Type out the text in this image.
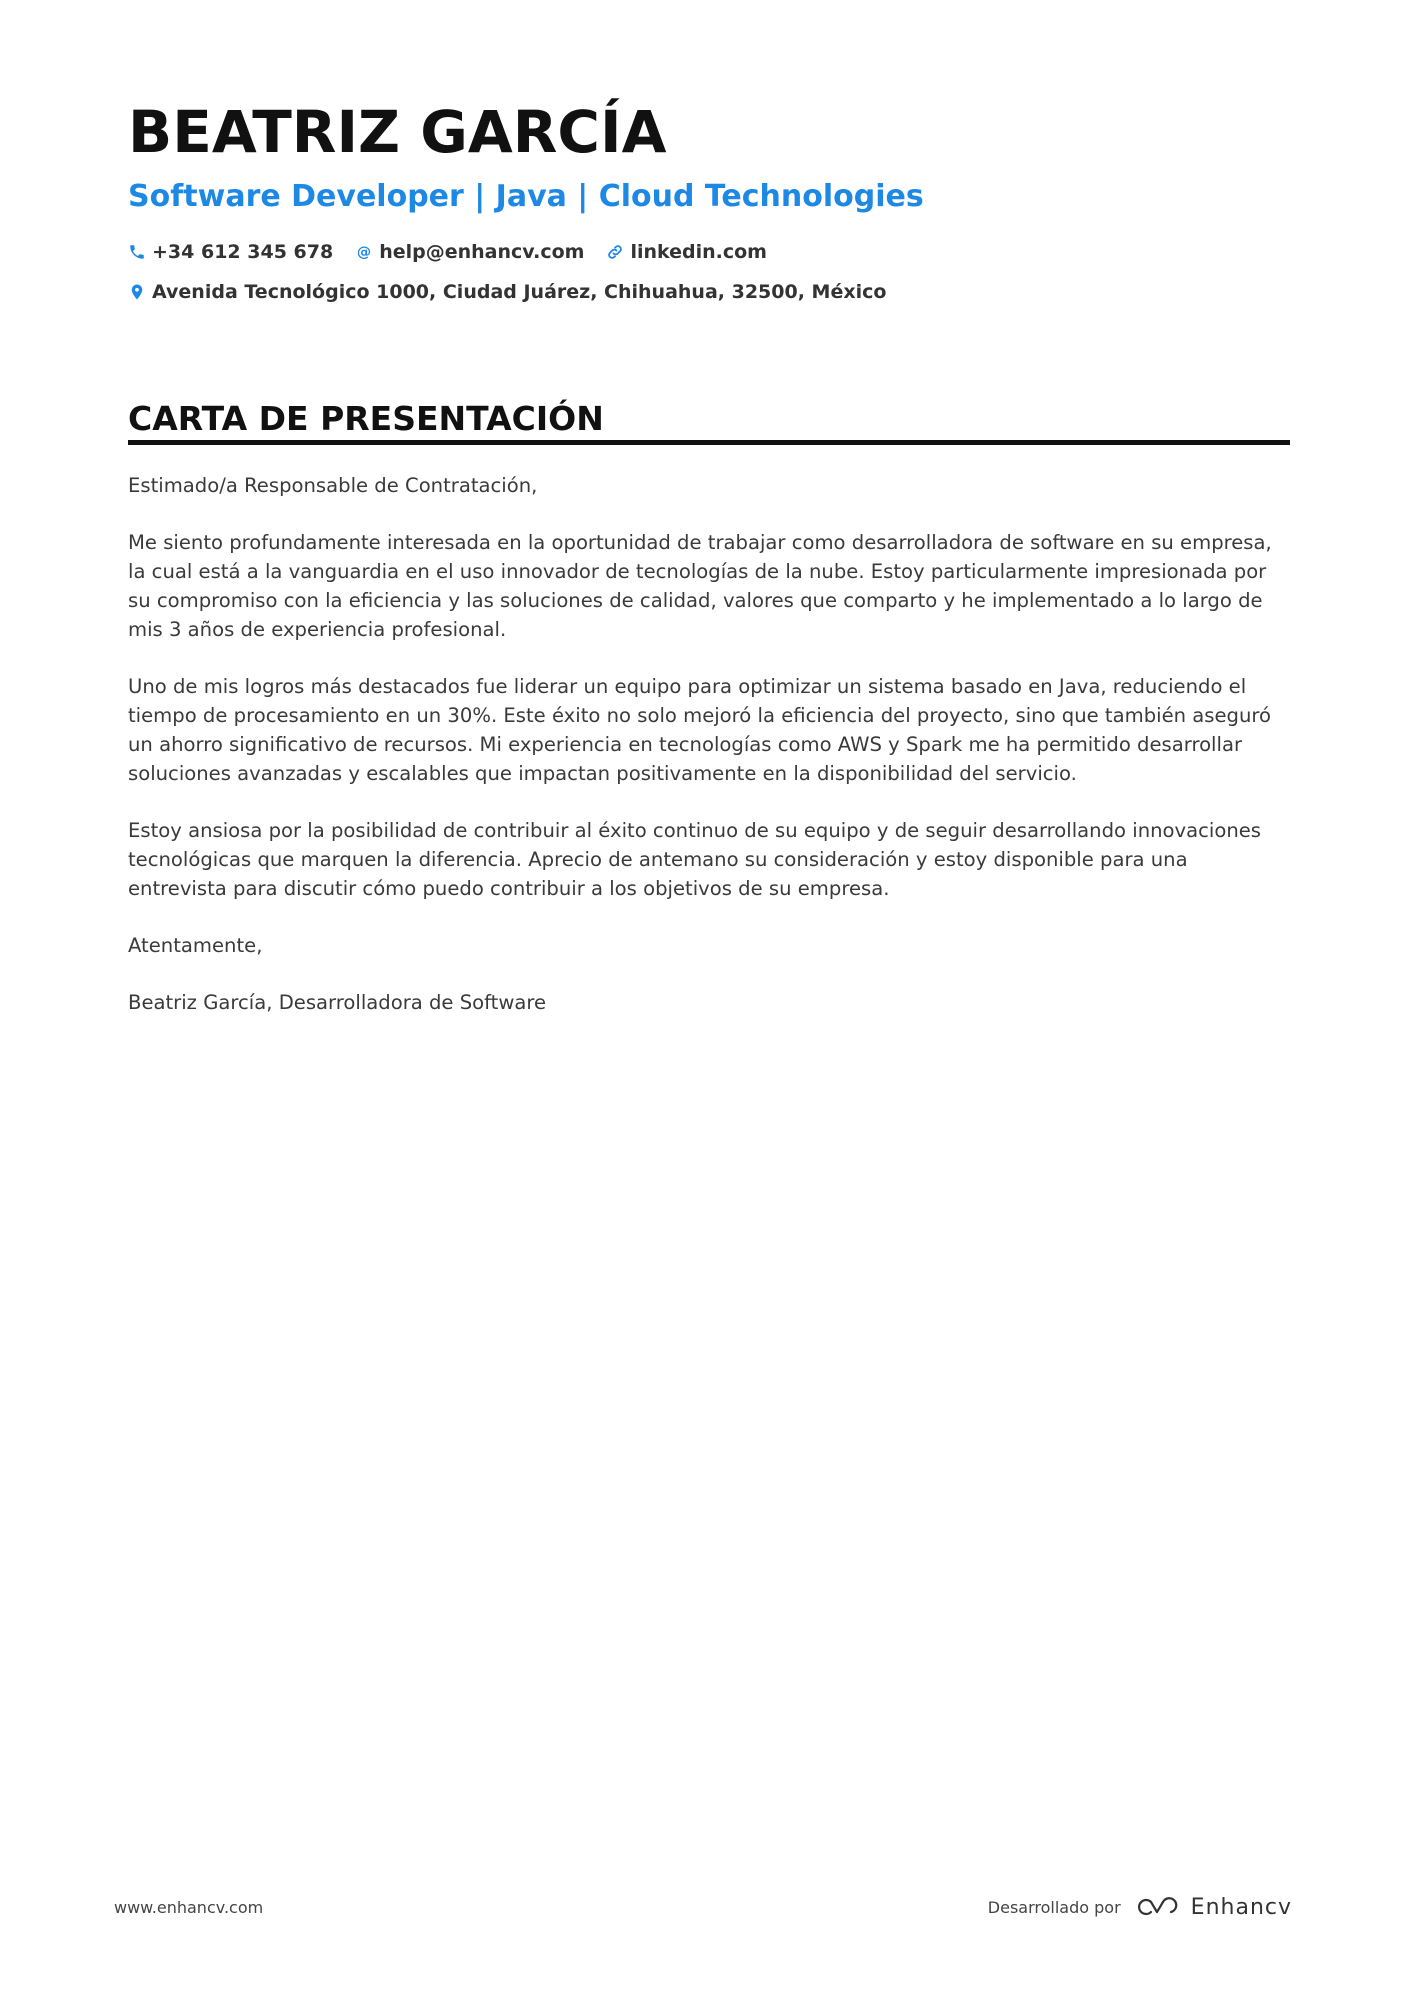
BEATRIZ GARCÍA
Software Developer | Java | Cloud Technologies
+34 612 345 678 @ help@enhancv.com linkedin.com
Avenida Tecnológico 1000, Ciudad Juárez, Chihuahua, 32500, México
CARTA DE PRESENTACIÓN

Estimado/a Responsable de Contratación,

Me siento profundamente interesada en la oportunidad de trabajar como desarrolladora de software en su empresa, la cual está a la vanguardia en el uso innovador de tecnologías de la nube. Estoy particularmente impresionada por su compromiso con la eficiencia y las soluciones de calidad, valores que comparto y he implementado a lo largo de mis 3 años de experiencia profesional.

Uno de mis logros más destacados fue liderar un equipo para optimizar un sistema basado en Java, reduciendo el tiempo de procesamiento en un 30%. Este éxito no solo mejoró la eficiencia del proyecto, sino que también aseguró un ahorro significativo de recursos. Mi experiencia en tecnologías como AWS y Spark me ha permitido desarrollar soluciones avanzadas y escalables que impactan positivamente en la disponibilidad del servicio.

Estoy ansiosa por la posibilidad de contribuir al éxito continuo de su equipo y de seguir desarrollando innovaciones tecnológicas que marquen la diferencia. Aprecio de antemano su consideración y estoy disponible para una entrevista para discutir cómo puedo contribuir a los objetivos de su empresa.

Atentamente,

Beatriz García, Desarrolladora de Software

www.enhancv.com	Desarrollado por	Enhancv
